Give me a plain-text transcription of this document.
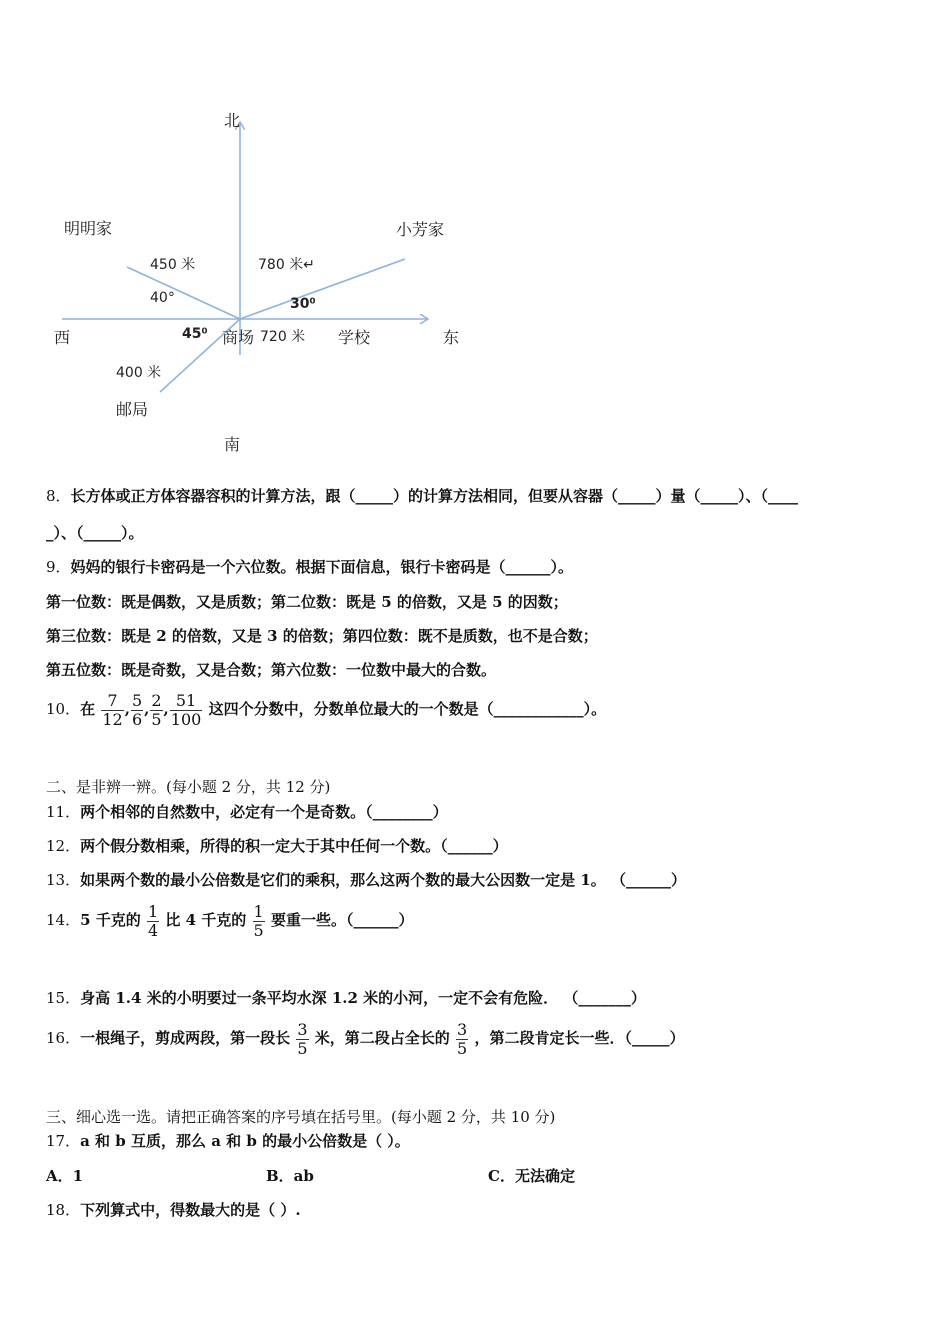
北
南
西	东
明明家	小芳家
商场	学校
邮局
450 米
40°
780 米↵
30⁰
45⁰	720 米
400 米
8．长方体或正方体容器容积的计算方法，跟（_____）的计算方法相同，但要从容器（_____）量（_____）、（____
_）、（_____）。
9．妈妈的银行卡密码是一个六位数。根据下面信息，银行卡密码是（______）。
第一位数：既是偶数，又是质数；第二位数：既是 5 的倍数，又是 5 的因数；
第三位数：既是 2 的倍数，又是 3 的倍数；第四位数：既不是质数，也不是合数；
第五位数：既是奇数，又是合数；第六位数：一位数中最大的合数。
10．在 $\frac{7}{12}$ , $\frac{5}{6}$ , $\frac{2}{5}$ , $\frac{51}{100}$ 这四个分数中，分数单位最大的一个数是（____________）。
二、是非辨一辨。(每小题 2 分，共 12 分)
11．两个相邻的自然数中，必定有一个是奇数。（________）
12．两个假分数相乘，所得的积一定大于其中任何一个数。（______）
13．如果两个数的最小公倍数是它们的乘积，那么这两个数的最大公因数一定是 1。 （______）
14．5 千克的 $\frac{1}{4}$ 比 4 千克的 $\frac{1}{5}$ 要重一些。（______）
15．身高 1.4 米的小明要过一条平均水深 1.2 米的小河，一定不会有危险． （_______）
16．一根绳子，剪成两段，第一段长 $\frac{3}{5}$ 米，第二段占全长的 $\frac{3}{5}$ ，第二段肯定长一些．（_____）
三、细心选一选。请把正确答案的序号填在括号里。(每小题 2 分，共 10 分)
17．a 和 b 互质，那么 a 和 b 的最小公倍数是（ ）。
A．1	B．ab	C．无法确定
18．下列算式中，得数最大的是（ ）.
